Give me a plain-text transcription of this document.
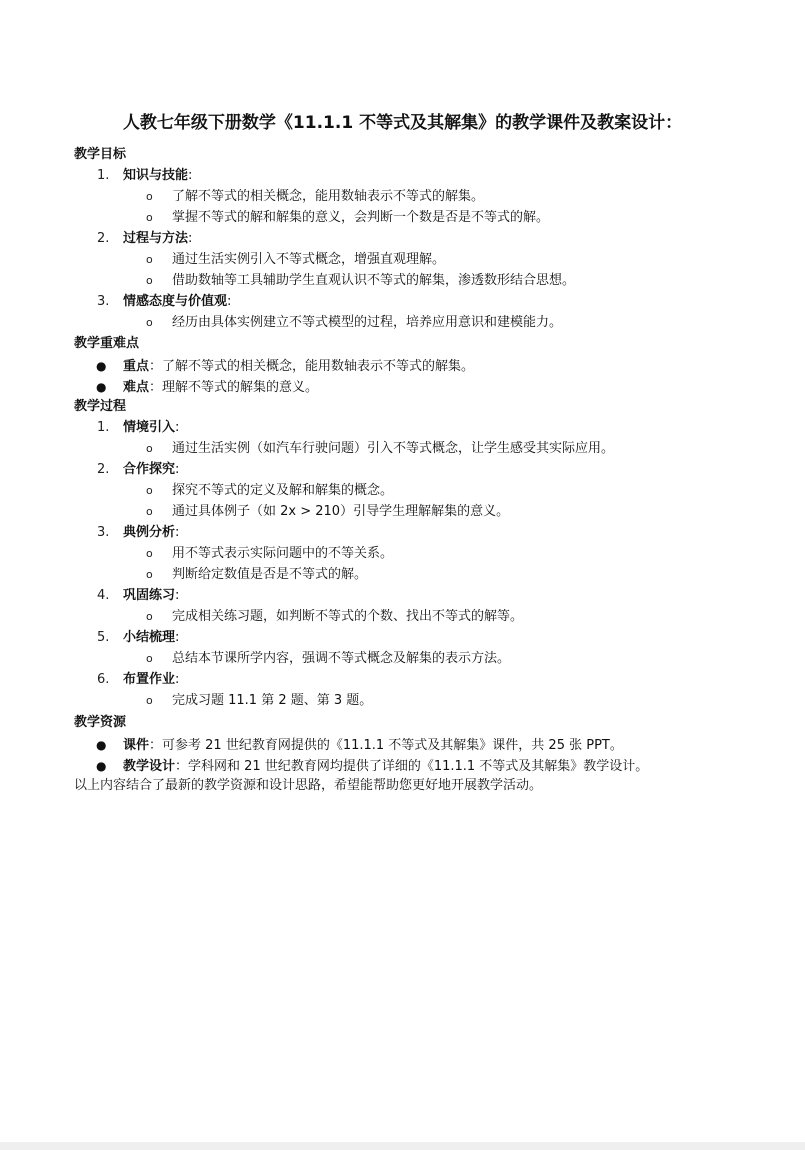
人教七年级下册数学《11.1.1 不等式及其解集》的教学课件及教案设计：
教学目标
1. 知识与技能:
o 了解不等式的相关概念，能用数轴表示不等式的解集。
o 掌握不等式的解和解集的意义，会判断一个数是否是不等式的解。
2. 过程与方法:
o 通过生活实例引入不等式概念，增强直观理解。
o 借助数轴等工具辅助学生直观认识不等式的解集，渗透数形结合思想。
3. 情感态度与价值观:
o 经历由具体实例建立不等式模型的过程，培养应用意识和建模能力。
教学重难点
● 重点：了解不等式的相关概念，能用数轴表示不等式的解集。
● 难点：理解不等式的解集的意义。
教学过程
1. 情境引入:
o 通过生活实例（如汽车行驶问题）引入不等式概念，让学生感受其实际应用。
2. 合作探究:
o 探究不等式的定义及解和解集的概念。
o 通过具体例子（如 2x > 210）引导学生理解解集的意义。
3. 典例分析:
o 用不等式表示实际问题中的不等关系。
o 判断给定数值是否是不等式的解。
4. 巩固练习:
o 完成相关练习题，如判断不等式的个数、找出不等式的解等。
5. 小结梳理:
o 总结本节课所学内容，强调不等式概念及解集的表示方法。
6. 布置作业:
o 完成习题 11.1 第 2 题、第 3 题。
教学资源
● 课件：可参考 21 世纪教育网提供的《11.1.1 不等式及其解集》课件，共 25 张 PPT。
● 教学设计：学科网和 21 世纪教育网均提供了详细的《11.1.1 不等式及其解集》教学设计。
以上内容结合了最新的教学资源和设计思路，希望能帮助您更好地开展教学活动。
